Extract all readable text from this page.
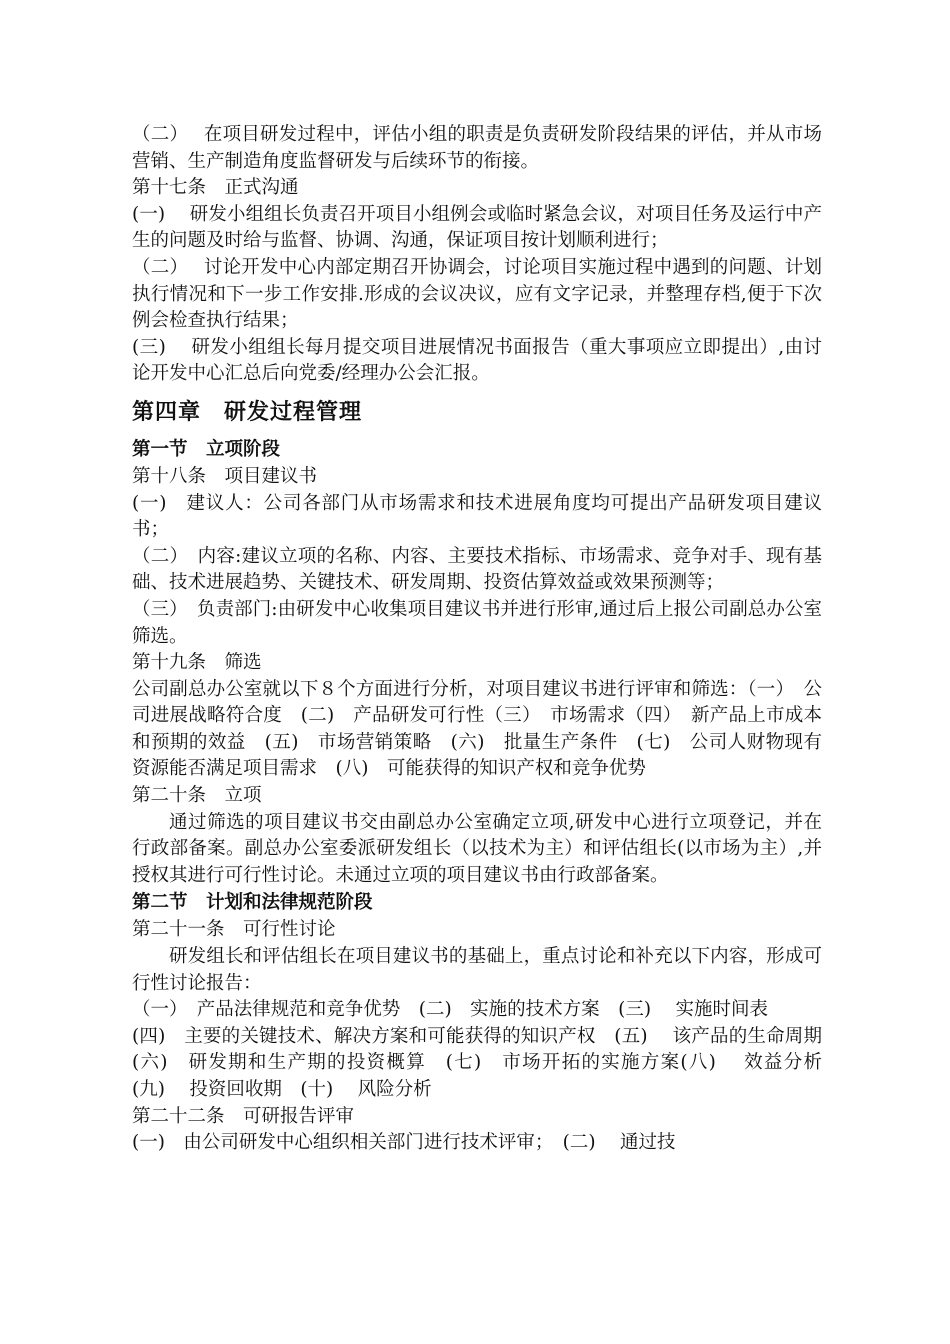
（二）　 在项目研发过程中，评估小组的职责是负责研发阶段结果的评估，并从市场营销、生产制造角度监督研发与后续环节的衔接。
第十七条　正式沟通
(一)　 研发小组组长负责召开项目小组例会或临时紧急会议，对项目任务及运行中产生的问题及时给与监督、协调、沟通，保证项目按计划顺利进行；
（二）　 讨论开发中心内部定期召开协调会，讨论项目实施过程中遇到的问题、计划执行情况和下一步工作安排.形成的会议决议，应有文字记录，并整理存档,便于下次例会检查执行结果；
(三)　 研发小组组长每月提交项目进展情况书面报告（重大事项应立即提出）,由讨论开发中心汇总后向党委/经理办公会汇报。
第四章　研发过程管理
第一节　立项阶段
第十八条　项目建议书
(一)　建议人：公司各部门从市场需求和技术进展角度均可提出产品研发项目建议书；
（二）　内容:建议立项的名称、内容、主要技术指标、市场需求、竞争对手、现有基础、技术进展趋势、关键技术、研发周期、投资估算效益或效果预测等；
（三）　负责部门:由研发中心收集项目建议书并进行形审,通过后上报公司副总办公室筛选。
第十九条　筛选
公司副总办公室就以下８个方面进行分析，对项目建议书进行评审和筛选：（一）　公司进展战略符合度　(二)　产品研发可行性（三）　市场需求（四）　新产品上市成本和预期的效益　(五)　市场营销策略　(六)　批量生产条件　(七)　公司人财物现有资源能否满足项目需求　(八)　可能获得的知识产权和竞争优势
第二十条　立项
通过筛选的项目建议书交由副总办公室确定立项,研发中心进行立项登记，并在行政部备案。副总办公室委派研发组长（以技术为主）和评估组长(以市场为主）,并授权其进行可行性讨论。未通过立项的项目建议书由行政部备案。
第二节　计划和法律规范阶段
第二十一条　可行性讨论
研发组长和评估组长在项目建议书的基础上，重点讨论和补充以下内容，形成可行性讨论报告：
（一）　产品法律规范和竞争优势　(二)　实施的技术方案　(三)　 实施时间表
(四)　主要的关键技术、解决方案和可能获得的知识产权　(五)　 该产品的生命周期　(六)　研发期和生产期的投资概算　(七)　市场开拓的实施方案(八)　 效益分析　(九)　 投资回收期　(十)　 风险分析
第二十二条　可研报告评审
(一)　由公司研发中心组织相关部门进行技术评审；　(二)　 通过技
